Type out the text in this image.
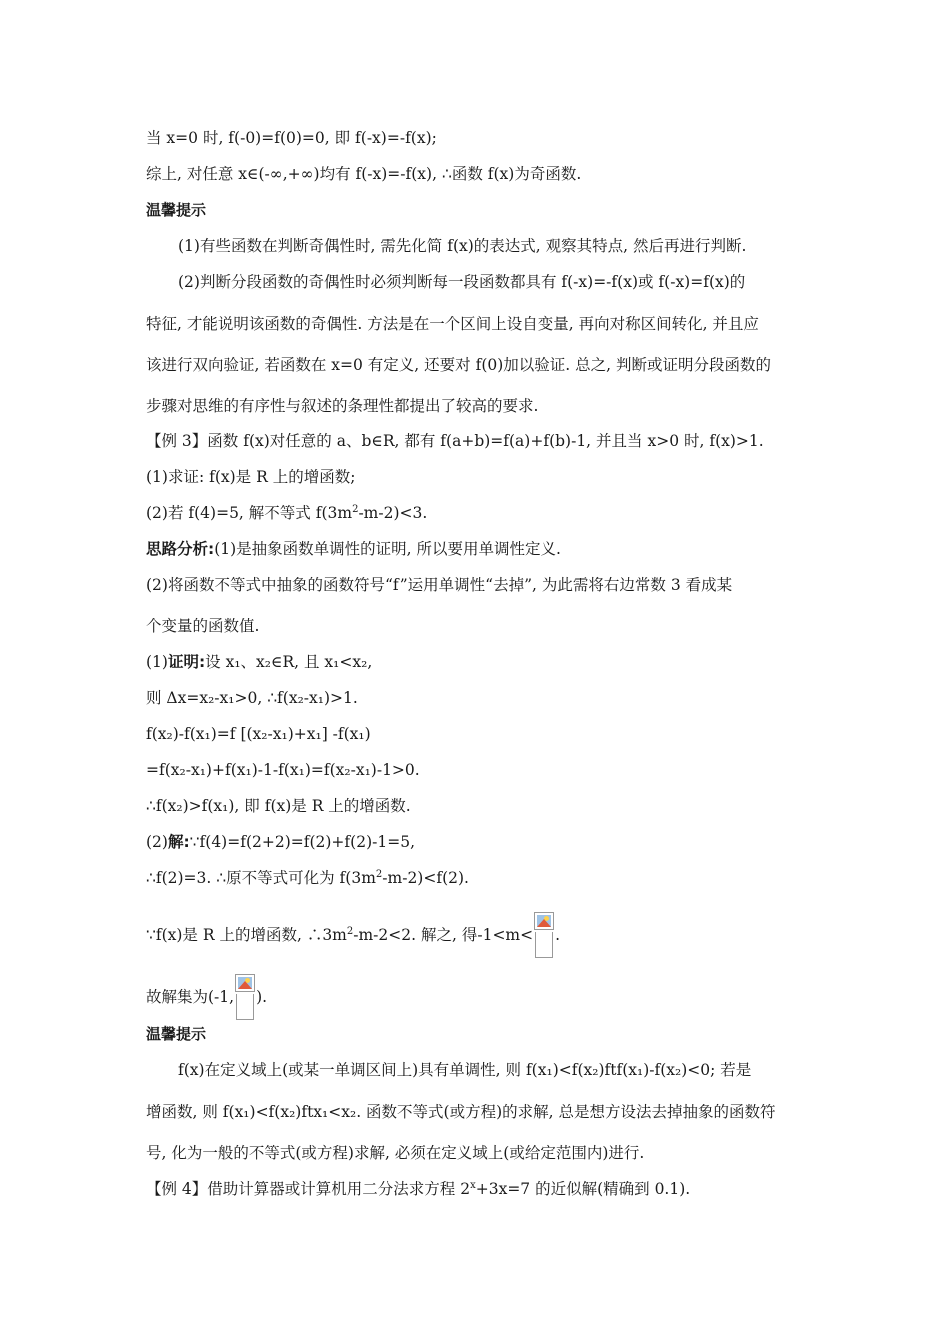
当 x=0 时, f(-0)=f(0)=0, 即 f(-x)=-f(x);
综上, 对任意 x∈(-∞,+∞)均有 f(-x)=-f(x), ∴函数 f(x)为奇函数.
温馨提示
(1)有些函数在判断奇偶性时, 需先化简 f(x)的表达式, 观察其特点, 然后再进行判断.
(2)判断分段函数的奇偶性时必须判断每一段函数都具有 f(-x)=-f(x)或 f(-x)=f(x)的
特征, 才能说明该函数的奇偶性. 方法是在一个区间上设自变量, 再向对称区间转化, 并且应
该进行双向验证, 若函数在 x=0 有定义, 还要对 f(0)加以验证. 总之, 判断或证明分段函数的
步骤对思维的有序性与叙述的条理性都提出了较高的要求.
【例 3】函数 f(x)对任意的 a、b∈R, 都有 f(a+b)=f(a)+f(b)-1, 并且当 x>0 时, f(x)>1.
(1)求证: f(x)是 R 上的增函数;
(2)若 f(4)=5, 解不等式 $f(3m^2-m-2)<3$.
思路分析:(1)是抽象函数单调性的证明, 所以要用单调性定义.
(2)将函数不等式中抽象的函数符号“f”运用单调性“去掉”, 为此需将右边常数 3 看成某
个变量的函数值.
(1)证明:设 x₁、x₂∈R, 且 x₁<x₂,
则 Δx=x₂-x₁>0, ∴f(x₂-x₁)>1.
f(x₂)-f(x₁)=f [(x₂-x₁)+x₁] -f(x₁)
=f(x₂-x₁)+f(x₁)-1-f(x₁)=f(x₂-x₁)-1>0.
∴f(x₂)>f(x₁), 即 f(x)是 R 上的增函数.
(2)解:∵f(4)=f(2+2)=f(2)+f(2)-1=5,
∴f(2)=3. ∴原不等式可化为 $f(3m^2-m-2)<f(2)$.
∵f(x)是 R 上的增函数, $\therefore 3m^2-m-2<2$. 解之, 得-1<m< .
故解集为(-1, ).
温馨提示
f(x)在定义域上(或某一单调区间上)具有单调性, 则 f(x₁)<f(x₂)ftf(x₁)-f(x₂)<0; 若是
增函数, 则 f(x₁)<f(x₂)ftx₁<x₂. 函数不等式(或方程)的求解, 总是想方设法去掉抽象的函数符
号, 化为一般的不等式(或方程)求解, 必须在定义域上(或给定范围内)进行.
【例 4】借助计算器或计算机用二分法求方程 $2^x+3x=7$ 的近似解(精确到 0.1).
